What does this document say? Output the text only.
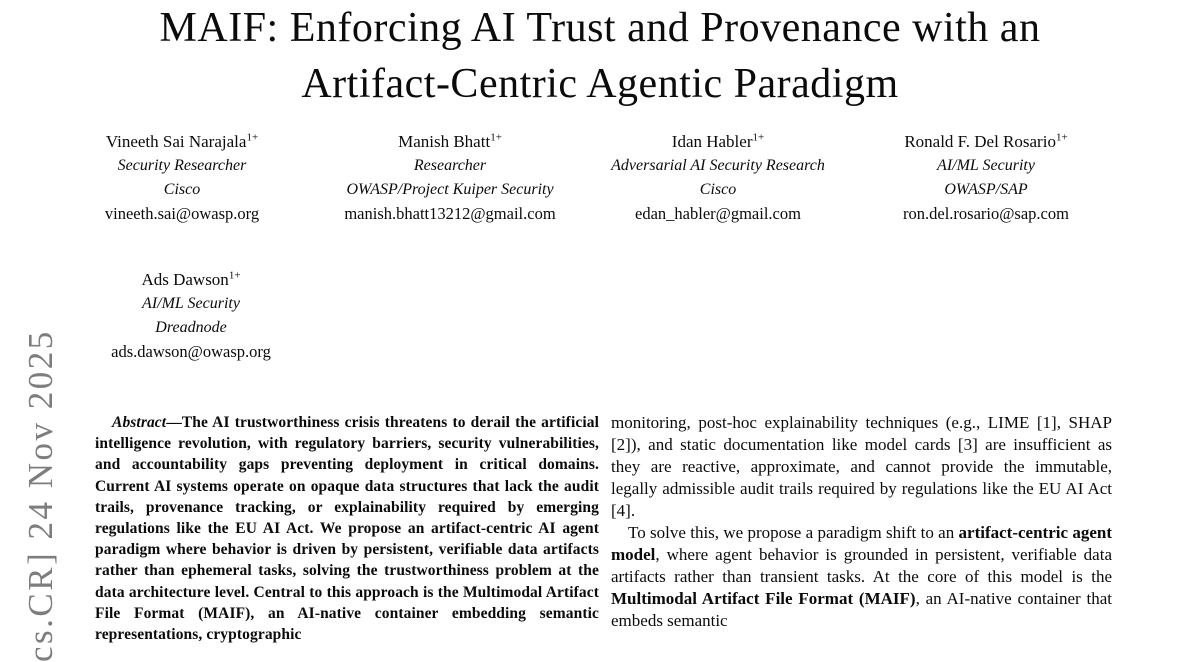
cs.CR] 24 Nov 2025
MAIF: Enforcing AI Trust and Provenance with an
Artifact-Centric Agentic Paradigm
Vineeth Sai Narajala$^{1+}$
Security Researcher
Cisco
vineeth.sai@owasp.org
Manish Bhatt$^{1+}$
Researcher
OWASP/Project Kuiper Security
manish.bhatt13212@gmail.com
Idan Habler$^{1+}$
Adversarial AI Security Research
Cisco
edan_habler@gmail.com
Ronald F. Del Rosario$^{1+}$
AI/ML Security
OWASP/SAP
ron.del.rosario@sap.com
Ads Dawson$^{1+}$
AI/ML Security
Dreadnode
ads.dawson@owasp.org

Abstract—The AI trustworthiness crisis threatens to derail the artificial intelligence revolution, with regulatory barriers, security vulnerabilities, and accountability gaps preventing deployment in critical domains. Current AI systems operate on opaque data structures that lack the audit trails, provenance tracking, or explainability required by emerging regulations like the EU AI Act. We propose an artifact-centric AI agent paradigm where behavior is driven by persistent, verifiable data artifacts rather than ephemeral tasks, solving the trustworthiness problem at the data architecture level. Central to this approach is the Multimodal Artifact File Format (MAIF), an AI-native container embedding semantic representations, cryptographic

monitoring, post-hoc explainability techniques (e.g., LIME [1], SHAP [2]), and static documentation like model cards [3] are insufficient as they are reactive, approximate, and cannot provide the immutable, legally admissible audit trails required by regulations like the EU AI Act [4].

To solve this, we propose a paradigm shift to an artifact-centric agent model, where agent behavior is grounded in persistent, verifiable data artifacts rather than transient tasks. At the core of this model is the Multimodal Artifact File Format (MAIF), an AI-native container that embeds semantic
